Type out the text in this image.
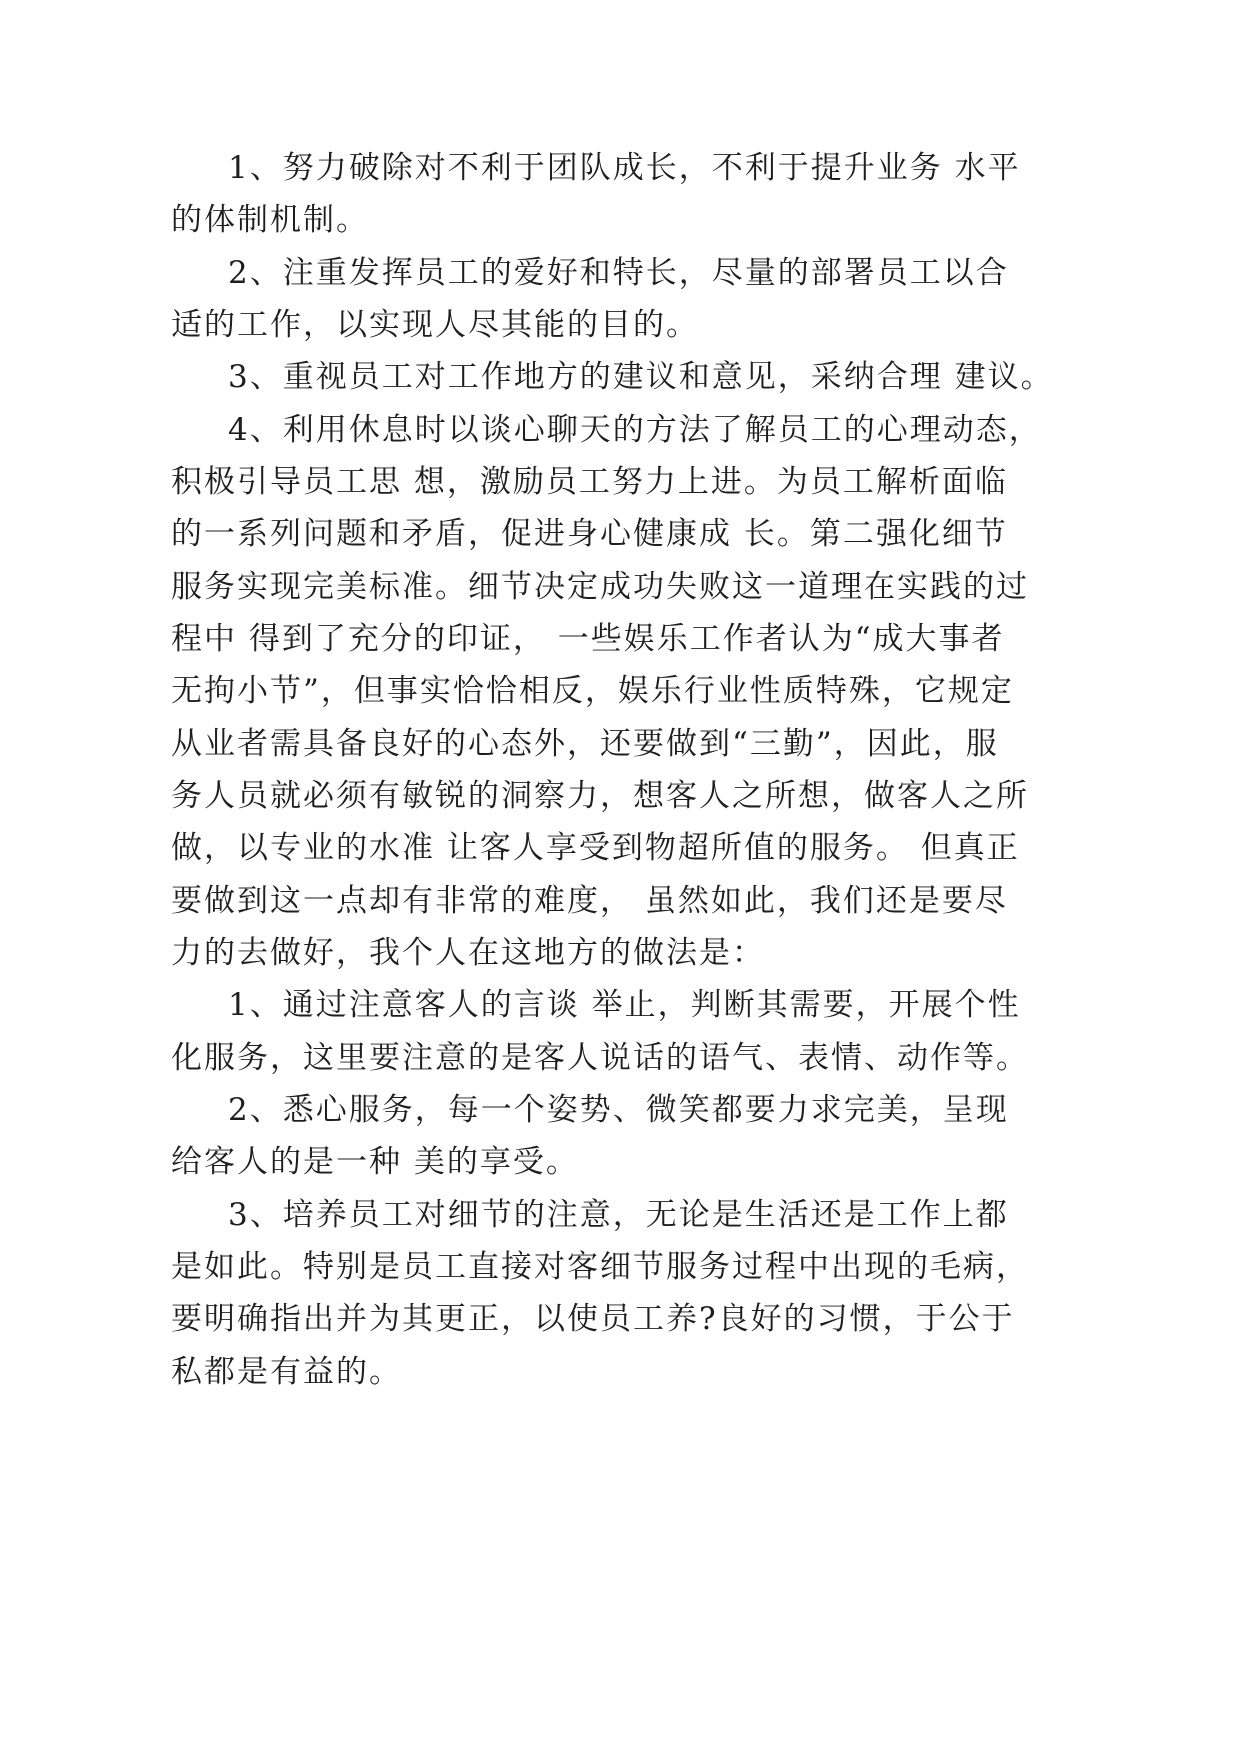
1、努力破除对不利于团队成长，不利于提升业务 水平
的体制机制。
2、注重发挥员工的爱好和特长，尽量的部署员工以合
适的工作，以实现人尽其能的目的。
3、重视员工对工作地方的建议和意见，采纳合理 建议。
4、利用休息时以谈心聊天的方法了解员工的心理动态，
积极引导员工思 想，激励员工努力上进。为员工解析面临
的一系列问题和矛盾，促进身心健康成 长。第二强化细节
服务实现完美标准。细节决定成功失败这一道理在实践的过
程中 得到了充分的印证， 一些娱乐工作者认为“成大事者
无拘小节”，但事实恰恰相反，娱乐行业性质特殊，它规定
从业者需具备良好的心态外，还要做到“三勤”，因此，服
务人员就必须有敏锐的洞察力，想客人之所想，做客人之所
做，以专业的水准 让客人享受到物超所值的服务。 但真正
要做到这一点却有非常的难度， 虽然如此，我们还是要尽
力的去做好，我个人在这地方的做法是：
1、通过注意客人的言谈 举止，判断其需要，开展个性
化服务，这里要注意的是客人说话的语气、表情、动作等。
2、悉心服务，每一个姿势、微笑都要力求完美，呈现
给客人的是一种 美的享受。
3、培养员工对细节的注意，无论是生活还是工作上都
是如此。特别是员工直接对客细节服务过程中出现的毛病，
要明确指出并为其更正，以使员工养?良好的习惯，于公于
私都是有益的。
